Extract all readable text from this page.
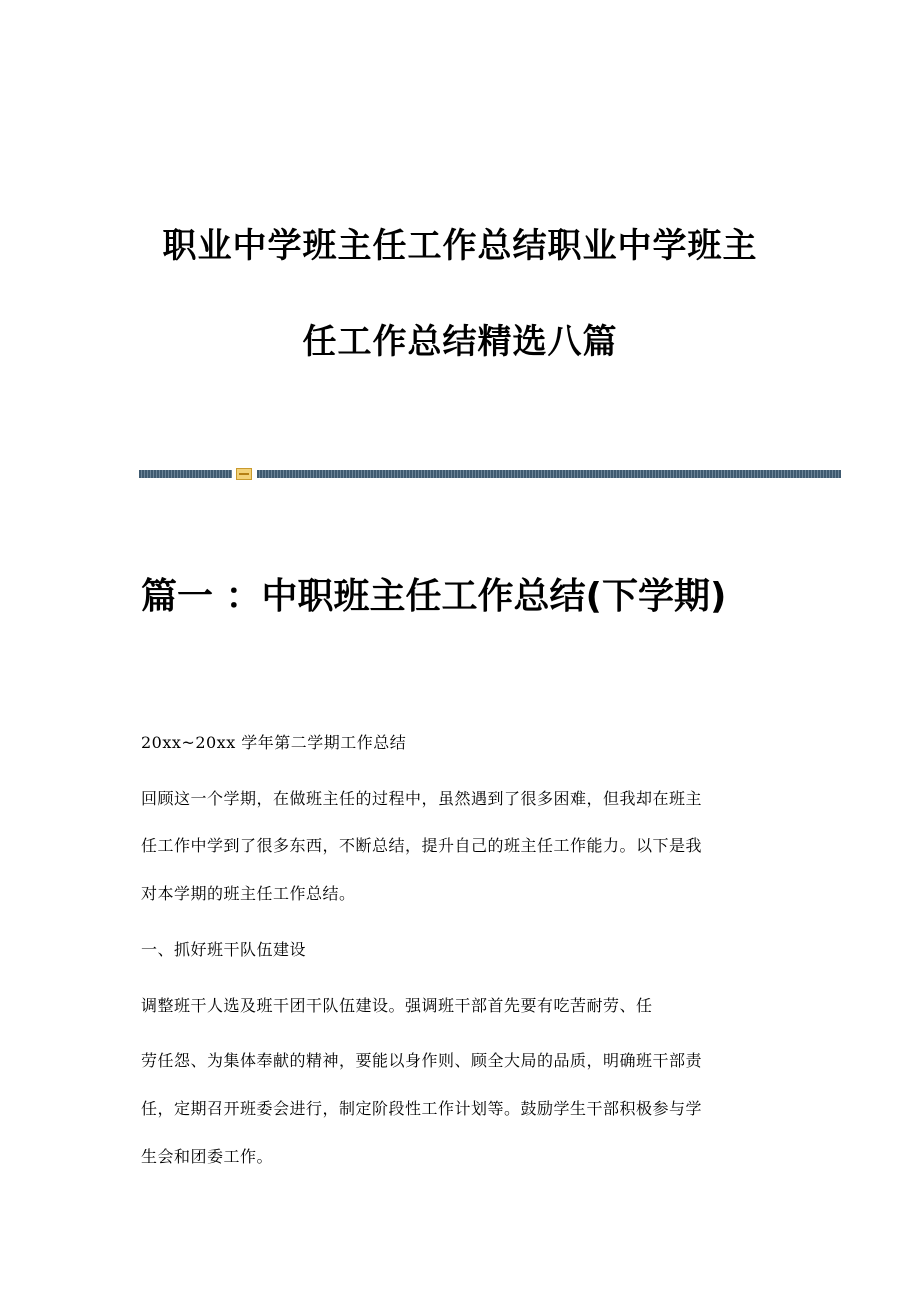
职业中学班主任工作总结职业中学班主
任工作总结精选八篇
篇一 ：中职班主任工作总结(下学期)
20xx~20xx 学年第二学期工作总结
回顾这一个学期，在做班主任的过程中，虽然遇到了很多困难，但我却在班主
任工作中学到了很多东西，不断总结，提升自己的班主任工作能力。以下是我
对本学期的班主任工作总结。
一、抓好班干队伍建设
调整班干人选及班干团干队伍建设。强调班干部首先要有吃苦耐劳、任
劳任怨、为集体奉献的精神，要能以身作则、顾全大局的品质，明确班干部责
任，定期召开班委会进行，制定阶段性工作计划等。鼓励学生干部积极参与学
生会和团委工作。
